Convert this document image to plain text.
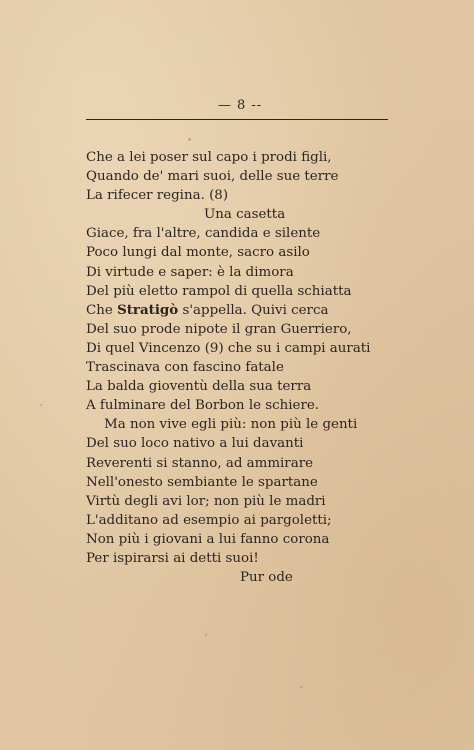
— 8 --
Che a lei poser sul capo i prodi figli,
Quando de' mari suoi, delle sue terre
La rifecer regina. (8)
Una casetta
Giace, fra l'altre, candida e silente
Poco lungi dal monte, sacro asilo
Di virtude e saper: è la dimora
Del più eletto rampol di quella schiatta
Che Stratigò s'appella. Quivi cerca
Del suo prode nipote il gran Guerriero,
Di quel Vincenzo (9) che su i campi aurati
Trascinava con fascino fatale
La balda gioventù della sua terra
A fulminare del Borbon le schiere.
Ma non vive egli più: non più le genti
Del suo loco nativo a lui davanti
Reverenti si stanno, ad ammirare
Nell'onesto sembiante le spartane
Virtù degli avi lor; non più le madri
L'additano ad esempio ai pargoletti;
Non più i giovani a lui fanno corona
Per ispirarsi ai detti suoi!
Pur ode
